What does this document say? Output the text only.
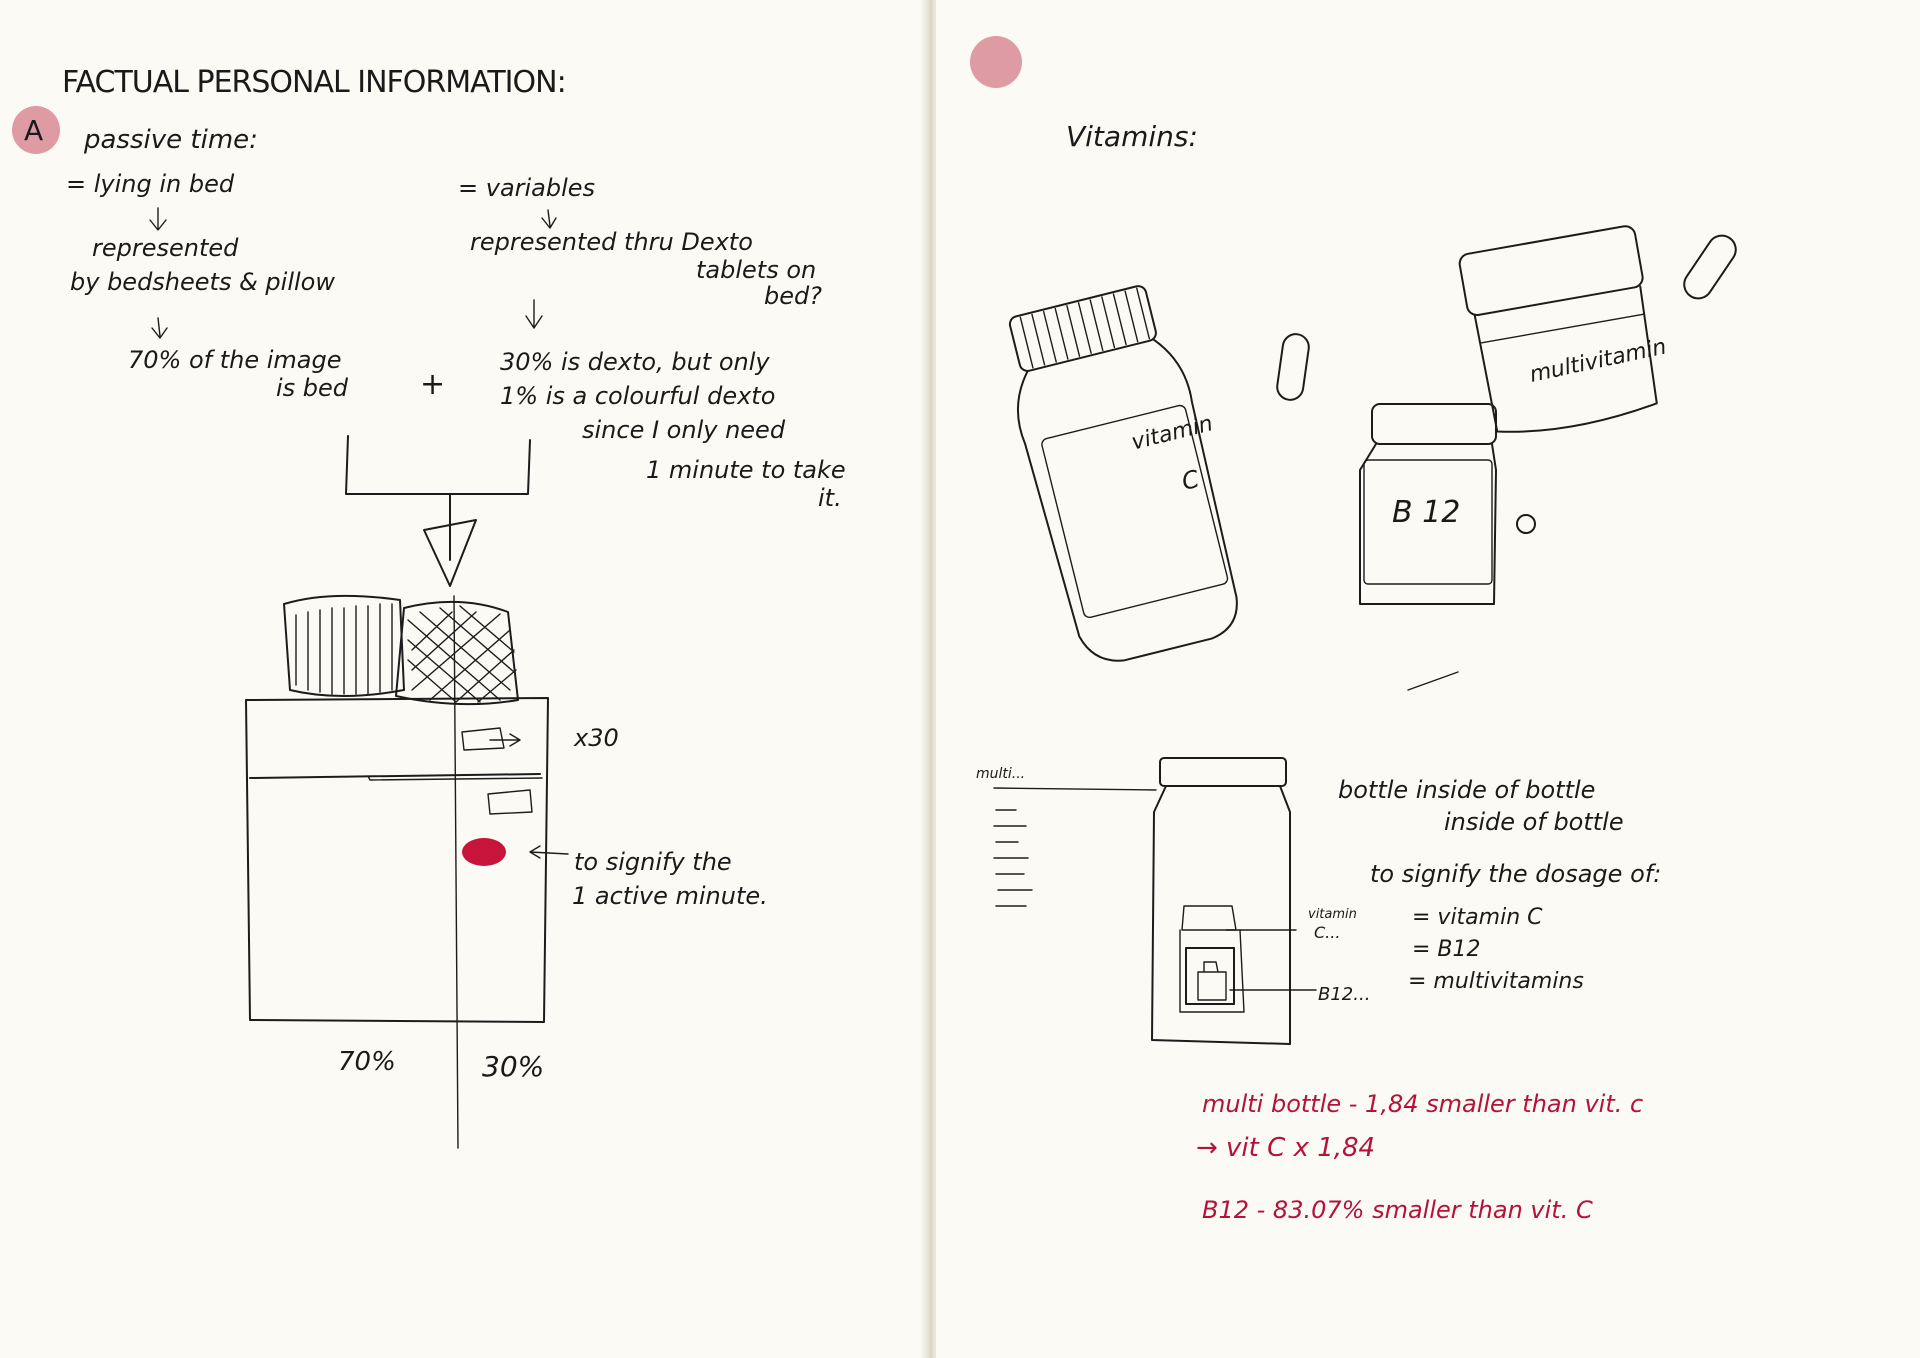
A
FACTUAL PERSONAL INFORMATION:
passive time:
= lying in bed
represented
by bedsheets & pillow
70% of the image
is bed +
= variables
represented thru Dexto
tablets on
bed?
30% is dexto, but only
1% is a colourful dexto
since I only need
1 minute to take
it.
x30
to signify the
1 active minute.
70%	30%
Vitamins:
vitamin
C
B 12
multivitamin
multi...
vitamin
C...
B12...
bottle inside of bottle
inside of bottle
to signify the dosage of:
= vitamin C
= B12
= multivitamins
multi bottle - 1,84 smaller than vit. c
→ vit C x 1,84
B12 - 83.07% smaller than vit. C
